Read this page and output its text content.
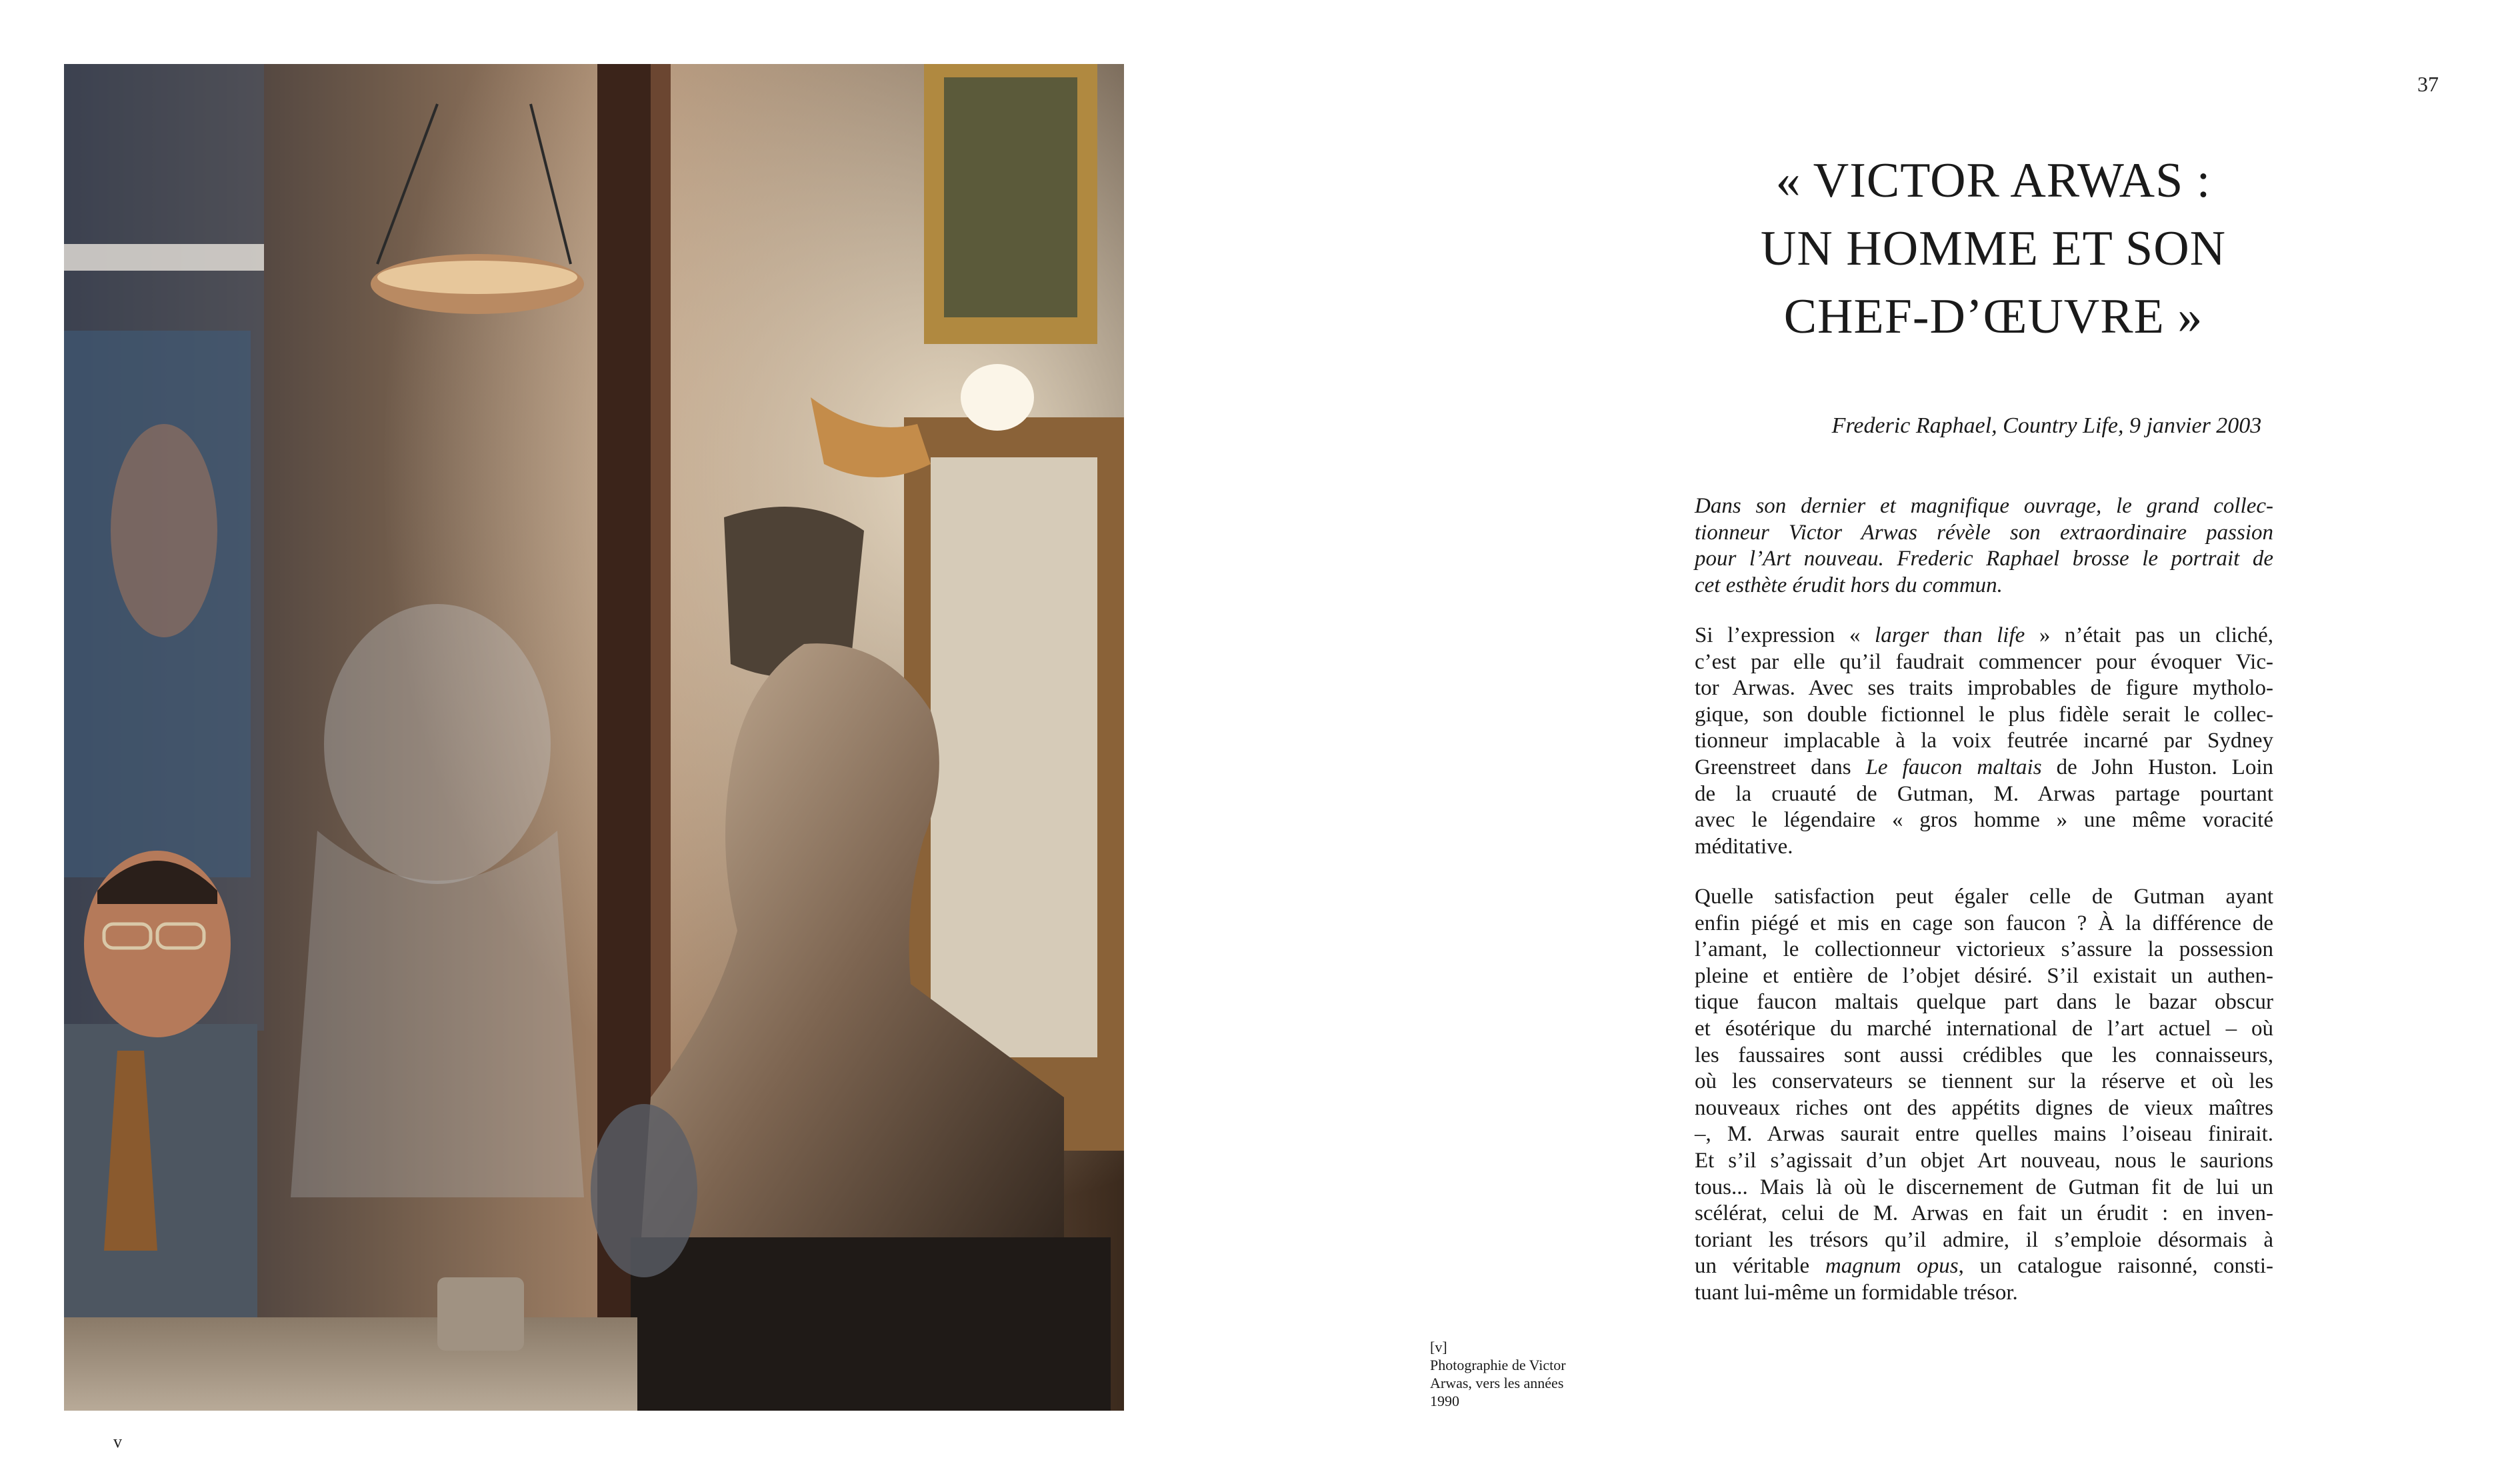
v
[v]
Photographie de Victor
Arwas, vers les années
1990
37
« VICTOR ARWAS :
UN HOMME ET SON
CHEF-D’ŒUVRE »
Frederic Raphael, Country Life, 9 janvier 2003
Dans son dernier et magnifique ouvrage, le grand collec-
tionneur Victor Arwas révèle son extraordinaire passion
pour l’Art nouveau. Frederic Raphael brosse le portrait de
cet esthète érudit hors du commun.
Si l’expression « larger than life » n’était pas un cliché,
c’est par elle qu’il faudrait commencer pour évoquer Vic-
tor Arwas. Avec ses traits improbables de figure mytholo-
gique, son double fictionnel le plus fidèle serait le collec-
tionneur implacable à la voix feutrée incarné par Sydney
Greenstreet dans Le faucon maltais de John Huston. Loin
de la cruauté de Gutman, M. Arwas partage pourtant
avec le légendaire « gros homme » une même voracité
méditative.
Quelle satisfaction peut égaler celle de Gutman ayant
enfin piégé et mis en cage son faucon ? À la différence de
l’amant, le collectionneur victorieux s’assure la possession
pleine et entière de l’objet désiré. S’il existait un authen-
tique faucon maltais quelque part dans le bazar obscur
et ésotérique du marché international de l’art actuel – où
les faussaires sont aussi crédibles que les connaisseurs,
où les conservateurs se tiennent sur la réserve et où les
nouveaux riches ont des appétits dignes de vieux maîtres
–, M. Arwas saurait entre quelles mains l’oiseau finirait.
Et s’il s’agissait d’un objet Art nouveau, nous le saurions
tous... Mais là où le discernement de Gutman fit de lui un
scélérat, celui de M. Arwas en fait un érudit : en inven-
toriant les trésors qu’il admire, il s’emploie désormais à
un véritable magnum opus, un catalogue raisonné, consti-
tuant lui-même un formidable trésor.
